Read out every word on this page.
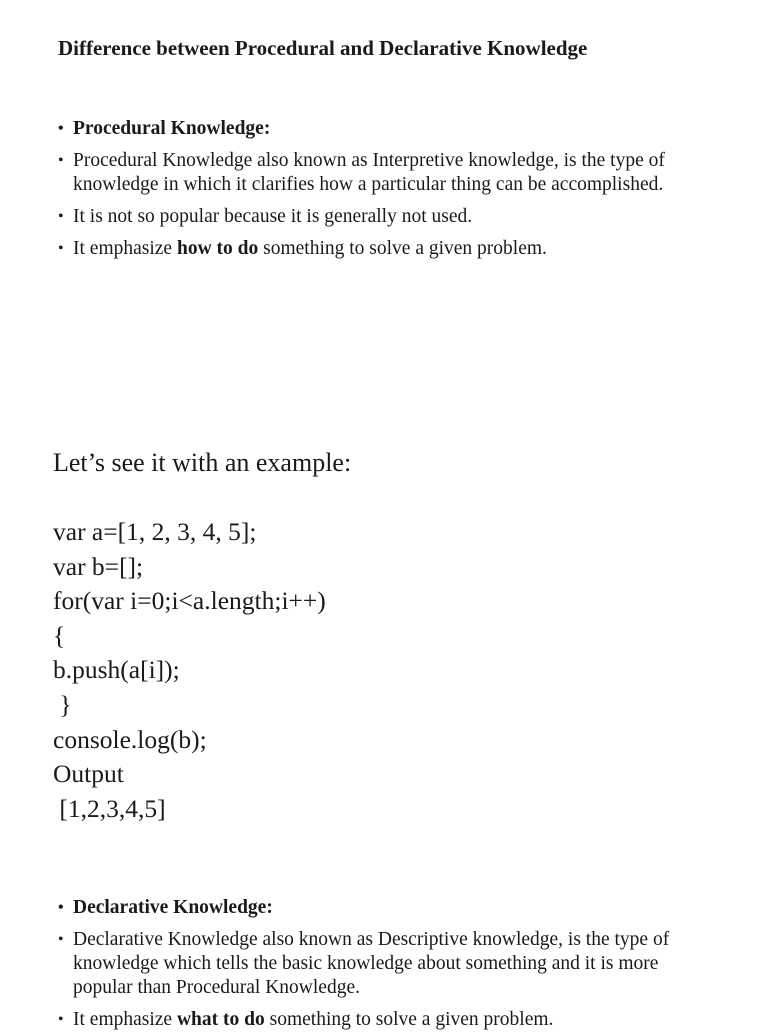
Difference between Procedural and Declarative Knowledge
• Procedural Knowledge:
• Procedural Knowledge also known as Interpretive knowledge, is the type of knowledge in which it clarifies how a particular thing can be accomplished.
• It is not so popular because it is generally not used.
• It emphasize how to do something to solve a given problem.
Let’s see it with an example:
var a=[1, 2, 3, 4, 5];
var b=[];
for(var i=0;i<a.length;i++)
{
b.push(a[i]);
}
console.log(b);
Output
[1,2,3,4,5]
• Declarative Knowledge:
• Declarative Knowledge also known as Descriptive knowledge, is the type of knowledge which tells the basic knowledge about something and it is more popular than Procedural Knowledge.
• It emphasize what to do something to solve a given problem.
